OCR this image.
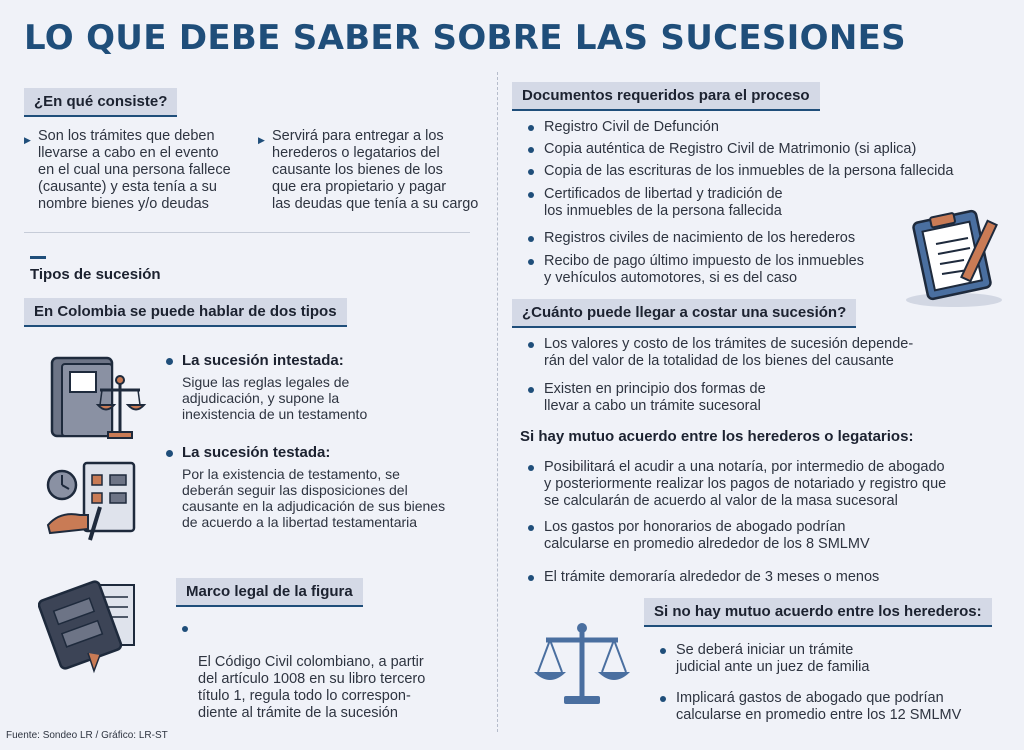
LO QUE DEBE SABER SOBRE LAS SUCESIONES
¿En qué consiste?
▶ Son los trámites que deben
llevarse a cabo en el evento
en el cual una persona fallece
(causante) y esta tenía a su
nombre bienes y/o deudas
▶ Servirá para entregar a los
herederos o legatarios del
causante los bienes de los
que era propietario y pagar
las deudas que tenía a su cargo
Tipos de sucesión
En Colombia se puede hablar de dos tipos
La sucesión intestada:
Sigue las reglas legales de
adjudicación, y supone la
inexistencia de un testamento
La sucesión testada:
Por la existencia de testamento, se
deberán seguir las disposiciones del
causante en la adjudicación de sus bienes
de acuerdo a la libertad testamentaria
Marco legal de la figura

El Código Civil colombiano, a partir
del artículo 1008 en su libro tercero
título 1, regula todo lo correspon-
diente al trámite de la sucesión

Documentos requeridos para el proceso
Registro Civil de Defunción
Copia auténtica de Registro Civil de Matrimonio (si aplica)
Copia de las escrituras de los inmuebles de la persona fallecida
Certificados de libertad y tradición de
los inmuebles de la persona fallecida
Registros civiles de nacimiento de los herederos
Recibo de pago último impuesto de los inmuebles
y vehículos automotores, si es del caso
¿Cuánto puede llegar a costar una sucesión?
Los valores y costo de los trámites de sucesión depende-
rán del valor de la totalidad de los bienes del causante
Existen en principio dos formas de
llevar a cabo un trámite sucesoral
Si hay mutuo acuerdo entre los herederos o legatarios:
Posibilitará el acudir a una notaría, por intermedio de abogado
y posteriormente realizar los pagos de notariado y registro que
se calcularán de acuerdo al valor de la masa sucesoral
Los gastos por honorarios de abogado podrían
calcularse en promedio alrededor de los 8 SMLMV
El trámite demoraría alrededor de 3 meses o menos
Si no hay mutuo acuerdo entre los herederos:
Se deberá iniciar un trámite
judicial ante un juez de familia
Implicará gastos de abogado que podrían
calcularse en promedio entre los 12 SMLMV
Fuente: Sondeo LR / Gráfico: LR-ST
